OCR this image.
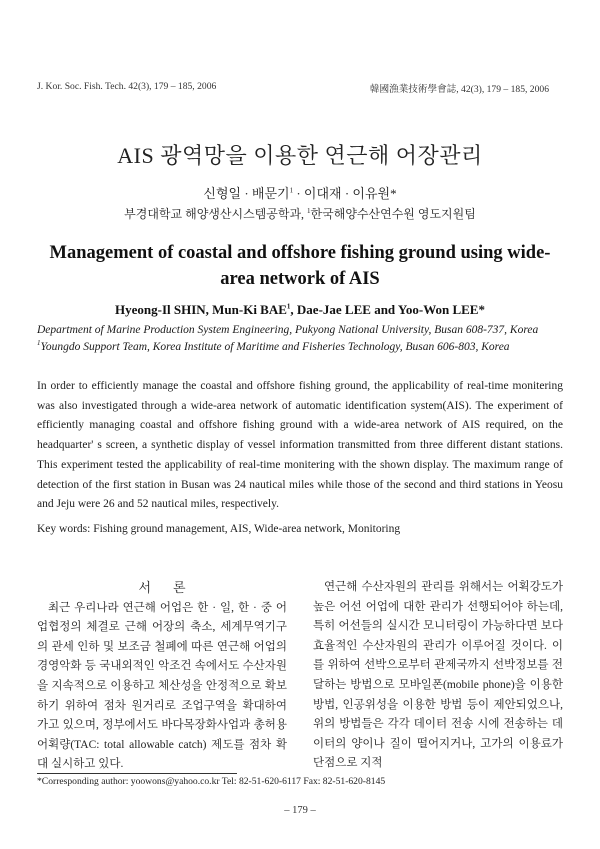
J. Kor. Soc. Fish. Tech. 42(3), 179 – 185, 2006	韓國漁業技術學會誌, 42(3), 179 – 185, 2006
AIS 광역망을 이용한 연근해 어장관리
신형일 · 배문기$^1$ · 이대재 · 이유원*
부경대학교 해양생산시스템공학과, $^1$한국해양수산연수원 영도지원팀
Management of coastal and offshore fishing ground using wide-area network of AIS
Hyeong-Il SHIN, Mun-Ki BAE$^1$, Dae-Jae LEE and Yoo-Won LEE*
Department of Marine Production System Engineering, Pukyong National University, Busan 608-737, Korea
$^1$Youngdo Support Team, Korea Institute of Maritime and Fisheries Technology, Busan 606-803, Korea

In order to efficiently manage the coastal and offshore fishing ground, the applicability of real-time monitering was also investigated through a wide-area network of automatic identification system(AIS). The experiment of efficiently managing coastal and offshore fishing ground with a wide-area network of AIS required, on the headquarter' s screen, a synthetic display of vessel information transmitted from three different distant stations. This experiment tested the applicability of real-time monitering with the shown display. The maximum range of detection of the first station in Busan was 24 nautical miles while those of the second and third stations in Yeosu and Jeju were 26 and 52 nautical miles, respectively.

Key words: Fishing ground management, AIS, Wide-area network, Monitoring
서론

최근 우리나라 연근해 어업은 한 · 일, 한 · 중 어업협정의 체결로 근해 어장의 축소, 세계무역기구의 관세 인하 및 보조금 철폐에 따른 연근해 어업의 경영악화 등 국내외적인 악조건 속에서도 수산자원을 지속적으로 이용하고 체산성을 안정적으로 확보하기 위하여 점차 원거리로 조업구역을 확대하여 가고 있으며, 정부에서도 바다목장화사업과 총허용어획량(TAC: total allowable catch) 제도를 점차 확대 실시하고 있다.

연근해 수산자원의 관리를 위해서는 어획강도가 높은 어선 어업에 대한 관리가 선행되어야 하는데, 특히 어선들의 실시간 모니터링이 가능하다면 보다 효율적인 수산자원의 관리가 이루어질 것이다. 이를 위하여 선박으로부터 관제국까지 선박정보를 전달하는 방법으로 모바일폰(mobile phone)을 이용한 방법, 인공위성을 이용한 방법 등이 제안되었으나, 위의 방법들은 각각 데이터 전송 시에 전송하는 데이터의 양이나 질이 떨어지거나, 고가의 이용료가 단점으로 지적

*Corresponding author: yoowons@yahoo.co.kr Tel: 82-51-620-6117 Fax: 82-51-620-8145
– 179 –
